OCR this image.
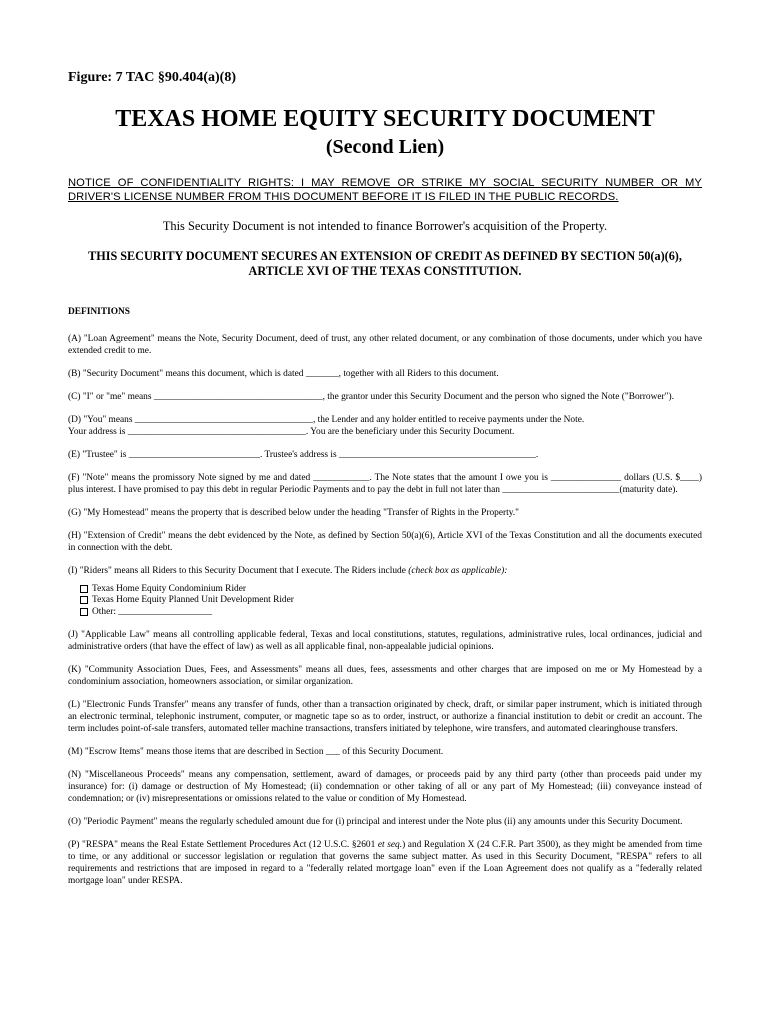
Figure: 7 TAC §90.404(a)(8)
TEXAS HOME EQUITY SECURITY DOCUMENT
(Second Lien)
NOTICE OF CONFIDENTIALITY RIGHTS: I MAY REMOVE OR STRIKE MY SOCIAL SECURITY NUMBER OR MY DRIVER'S LICENSE NUMBER FROM THIS DOCUMENT BEFORE IT IS FILED IN THE PUBLIC RECORDS.
This Security Document is not intended to finance Borrower's acquisition of the Property.
THIS SECURITY DOCUMENT SECURES AN EXTENSION OF CREDIT AS DEFINED BY SECTION 50(a)(6),
ARTICLE XVI OF THE TEXAS CONSTITUTION.

DEFINITIONS

(A) "Loan Agreement" means the Note, Security Document, deed of trust, any other related document, or any combination of those documents, under which you have extended credit to me.

(B) "Security Document" means this document, which is dated _______, together with all Riders to this document.

(C) "I" or "me" means ____________________________________, the grantor under this Security Document and the person who signed the Note ("Borrower").

(D) "You" means ______________________________________, the Lender and any holder entitled to receive payments under the Note.
Your address is ______________________________________. You are the beneficiary under this Security Document.

(E) "Trustee" is ____________________________. Trustee's address is __________________________________________.

(F) "Note" means the promissory Note signed by me and dated ____________. The Note states that the amount I owe you is _______________ dollars (U.S. $____) plus interest. I have promised to pay this debt in regular Periodic Payments and to pay the debt in full not later than _________________________(maturity date).

(G) "My Homestead" means the property that is described below under the heading "Transfer of Rights in the Property."

(H) "Extension of Credit" means the debt evidenced by the Note, as defined by Section 50(a)(6), Article XVI of the Texas Constitution and all the documents executed in connection with the debt.

(I) "Riders" means all Riders to this Security Document that I execute. The Riders include (check box as applicable):

Texas Home Equity Condominium Rider
Texas Home Equity Planned Unit Development Rider
Other: ____________________

(J) "Applicable Law" means all controlling applicable federal, Texas and local constitutions, statutes, regulations, administrative rules, local ordinances, judicial and administrative orders (that have the effect of law) as well as all applicable final, non-appealable judicial opinions.

(K) "Community Association Dues, Fees, and Assessments" means all dues, fees, assessments and other charges that are imposed on me or My Homestead by a condominium association, homeowners association, or similar organization.

(L) "Electronic Funds Transfer" means any transfer of funds, other than a transaction originated by check, draft, or similar paper instrument, which is initiated through an electronic terminal, telephonic instrument, computer, or magnetic tape so as to order, instruct, or authorize a financial institution to debit or credit an account. The term includes point-of-sale transfers, automated teller machine transactions, transfers initiated by telephone, wire transfers, and automated clearinghouse transfers.

(M) "Escrow Items" means those items that are described in Section ___ of this Security Document.

(N) "Miscellaneous Proceeds" means any compensation, settlement, award of damages, or proceeds paid by any third party (other than proceeds paid under my insurance) for: (i) damage or destruction of My Homestead; (ii) condemnation or other taking of all or any part of My Homestead; (iii) conveyance instead of condemnation; or (iv) misrepresentations or omissions related to the value or condition of My Homestead.

(O) "Periodic Payment" means the regularly scheduled amount due for (i) principal and interest under the Note plus (ii) any amounts under this Security Document.

(P) "RESPA" means the Real Estate Settlement Procedures Act (12 U.S.C. §2601 et seq.) and Regulation X (24 C.F.R. Part 3500), as they might be amended from time to time, or any additional or successor legislation or regulation that governs the same subject matter. As used in this Security Document, "RESPA" refers to all requirements and restrictions that are imposed in regard to a "federally related mortgage loan" even if the Loan Agreement does not qualify as a "federally related mortgage loan" under RESPA.
